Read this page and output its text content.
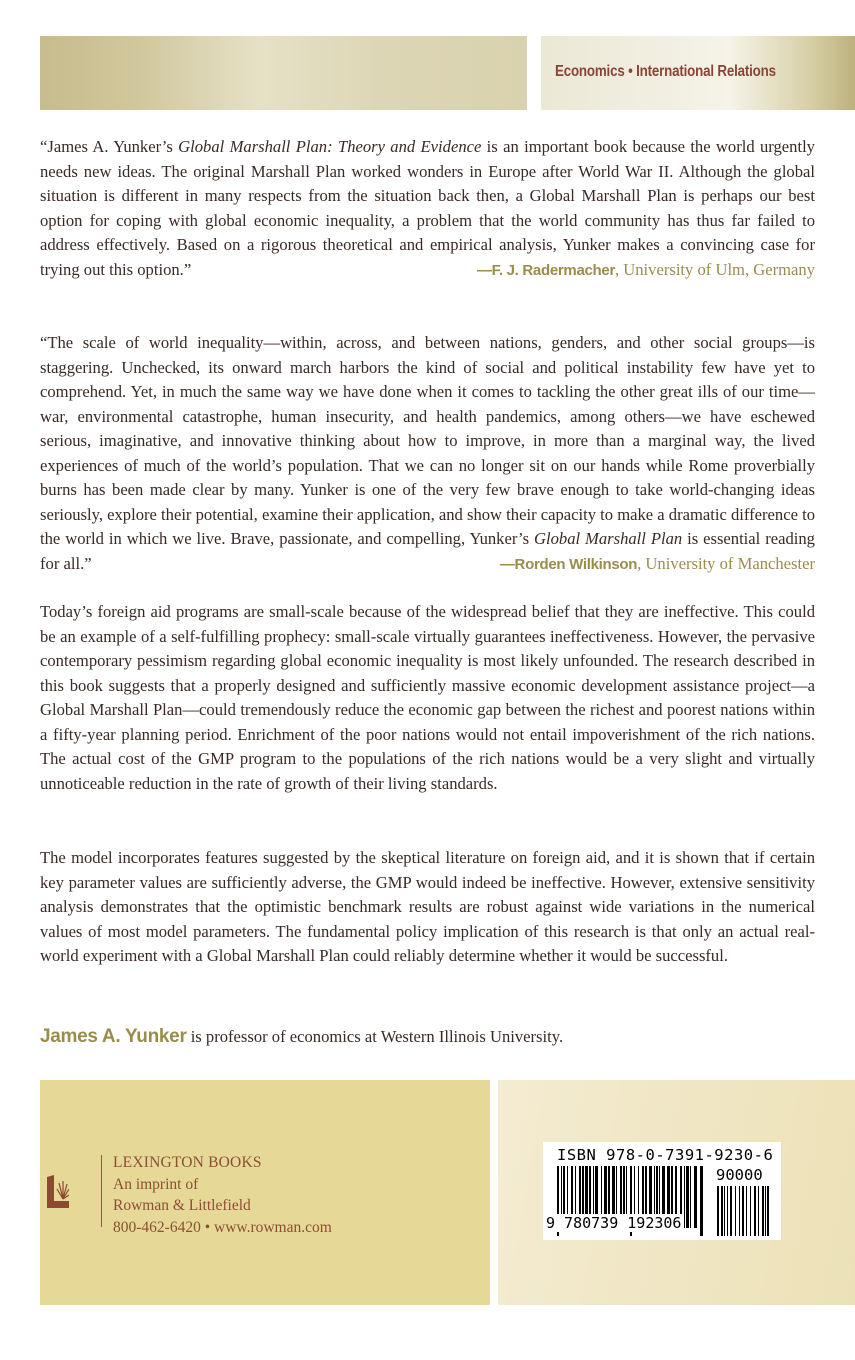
Economics • International Relations

“James A. Yunker’s Global Marshall Plan: Theory and Evidence is an important book because the world urgently needs new ideas. The original Marshall Plan worked wonders in Europe after World War II. Although the global situation is different in many respects from the situation back then, a Global Marshall Plan is perhaps our best option for coping with global economic inequality, a problem that the world community has thus far failed to address effectively. Based on a rigorous theoretical and empirical analysis, Yunker makes a convincing case for trying out this option.”	—F. J. Radermacher, University of Ulm, Germany

“The scale of world inequality—within, across, and between nations, genders, and other social groups—is staggering. Unchecked, its onward march harbors the kind of social and political instability few have yet to comprehend. Yet, in much the same way we have done when it comes to tackling the other great ills of our time—war, environmental catastrophe, human insecurity, and health pandemics, among others—we have eschewed serious, imaginative, and innovative thinking about how to improve, in more than a marginal way, the lived experiences of much of the world’s population. That we can no longer sit on our hands while Rome proverbially burns has been made clear by many. Yunker is one of the very few brave enough to take world-changing ideas seriously, explore their potential, examine their application, and show their capacity to make a dramatic difference to the world in which we live. Brave, passionate, and compelling, Yunker’s Global Marshall Plan is essential reading for all.”	—Rorden Wilkinson, University of Manchester

Today’s foreign aid programs are small-scale because of the widespread belief that they are ineffective. This could be an example of a self-fulfilling prophecy: small-scale virtually guarantees ineffectiveness. However, the pervasive contemporary pessimism regarding global economic inequality is most likely unfounded. The research described in this book suggests that a properly designed and sufficiently massive economic development assistance project—a Global Marshall Plan—could tremendously reduce the economic gap between the richest and poorest nations within a fifty-year planning period. Enrichment of the poor nations would not entail impoverishment of the rich nations. The actual cost of the GMP program to the populations of the rich nations would be a very slight and virtually unnoticeable reduction in the rate of growth of their living standards.

The model incorporates features suggested by the skeptical literature on foreign aid, and it is shown that if certain key parameter values are sufficiently adverse, the GMP would indeed be ineffective. However, extensive sensitivity analysis demonstrates that the optimistic benchmark results are robust against wide variations in the numerical values of most model parameters. The fundamental policy implication of this research is that only an actual real-world experiment with a Global Marshall Plan could reliably determine whether it would be successful.

James A. Yunker is professor of economics at Western Illinois University.
LEXINGTON BOOKS
An imprint of
Rowman & Littlefield
800-462-6420 • www.rowman.com
ISBN 978-0-7391-9230-6
90000
9 780739 192306
